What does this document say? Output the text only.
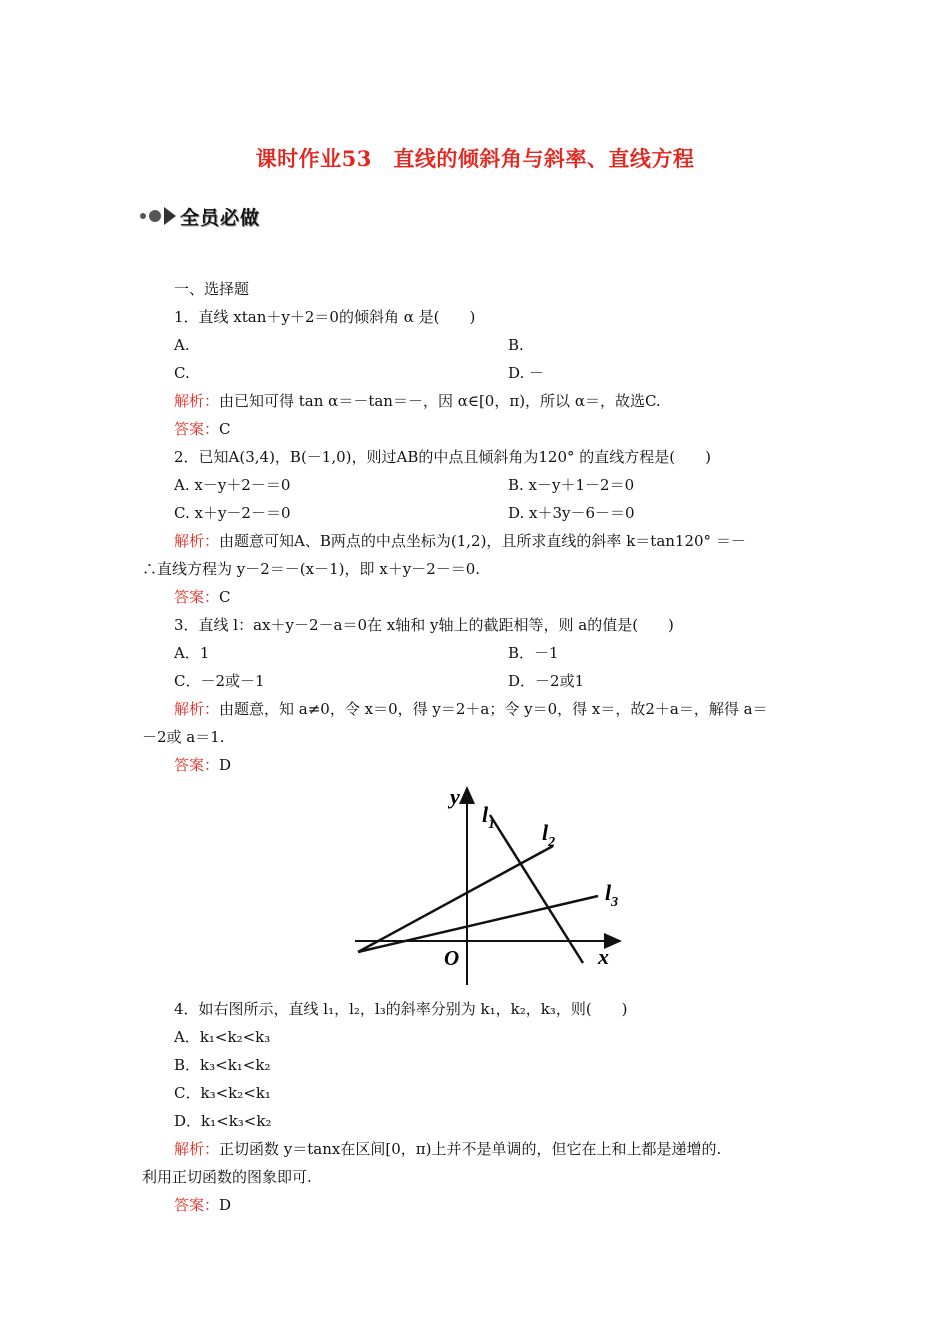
课时作业53　直线的倾斜角与斜率、直线方程
全员必做
一、选择题
1．直线 xtan＋y＋2＝0的倾斜角 α 是(　　)
A.	B.
C.	D. －
解析：由已知可得 tan α＝－tan＝－，因 α∈[0，π)，所以 α＝，故选C.
答案：C
2．已知A(3,4)，B(－1,0)，则过AB的中点且倾斜角为120° 的直线方程是(　　)
A. x－y＋2－＝0	B. x－y＋1－2＝0
C. x＋y－2－＝0	D. x＋3y－6－＝0
解析：由题意可知A、B两点的中点坐标为(1,2)，且所求直线的斜率 k＝tan120° ＝－
∴直线方程为 y－2＝－(x－1)，即 x＋y－2－＝0.
答案：C
3．直线 l：ax＋y－2－a＝0在 x轴和 y轴上的截距相等，则 a的值是(　　)
A．1	B．－1
C．－2或－1	D．－2或1
解析：由题意，知 a≠0，令 x＝0，得 y＝2＋a；令 y＝0，得 x＝，故2＋a＝，解得 a＝
－2或 a＝1.
答案：D
y
x
O
$l_1$ $l_2$
$l_3$
4．如右图所示，直线 l₁，l₂，l₃的斜率分别为 k₁，k₂，k₃，则(　　)
A．k₁<k₂<k₃
B．k₃<k₁<k₂
C．k₃<k₂<k₁
D．k₁<k₃<k₂
解析：正切函数 y＝tanx在区间[0，π)上并不是单调的，但它在上和上都是递增的.
利用正切函数的图象即可.
答案：D
